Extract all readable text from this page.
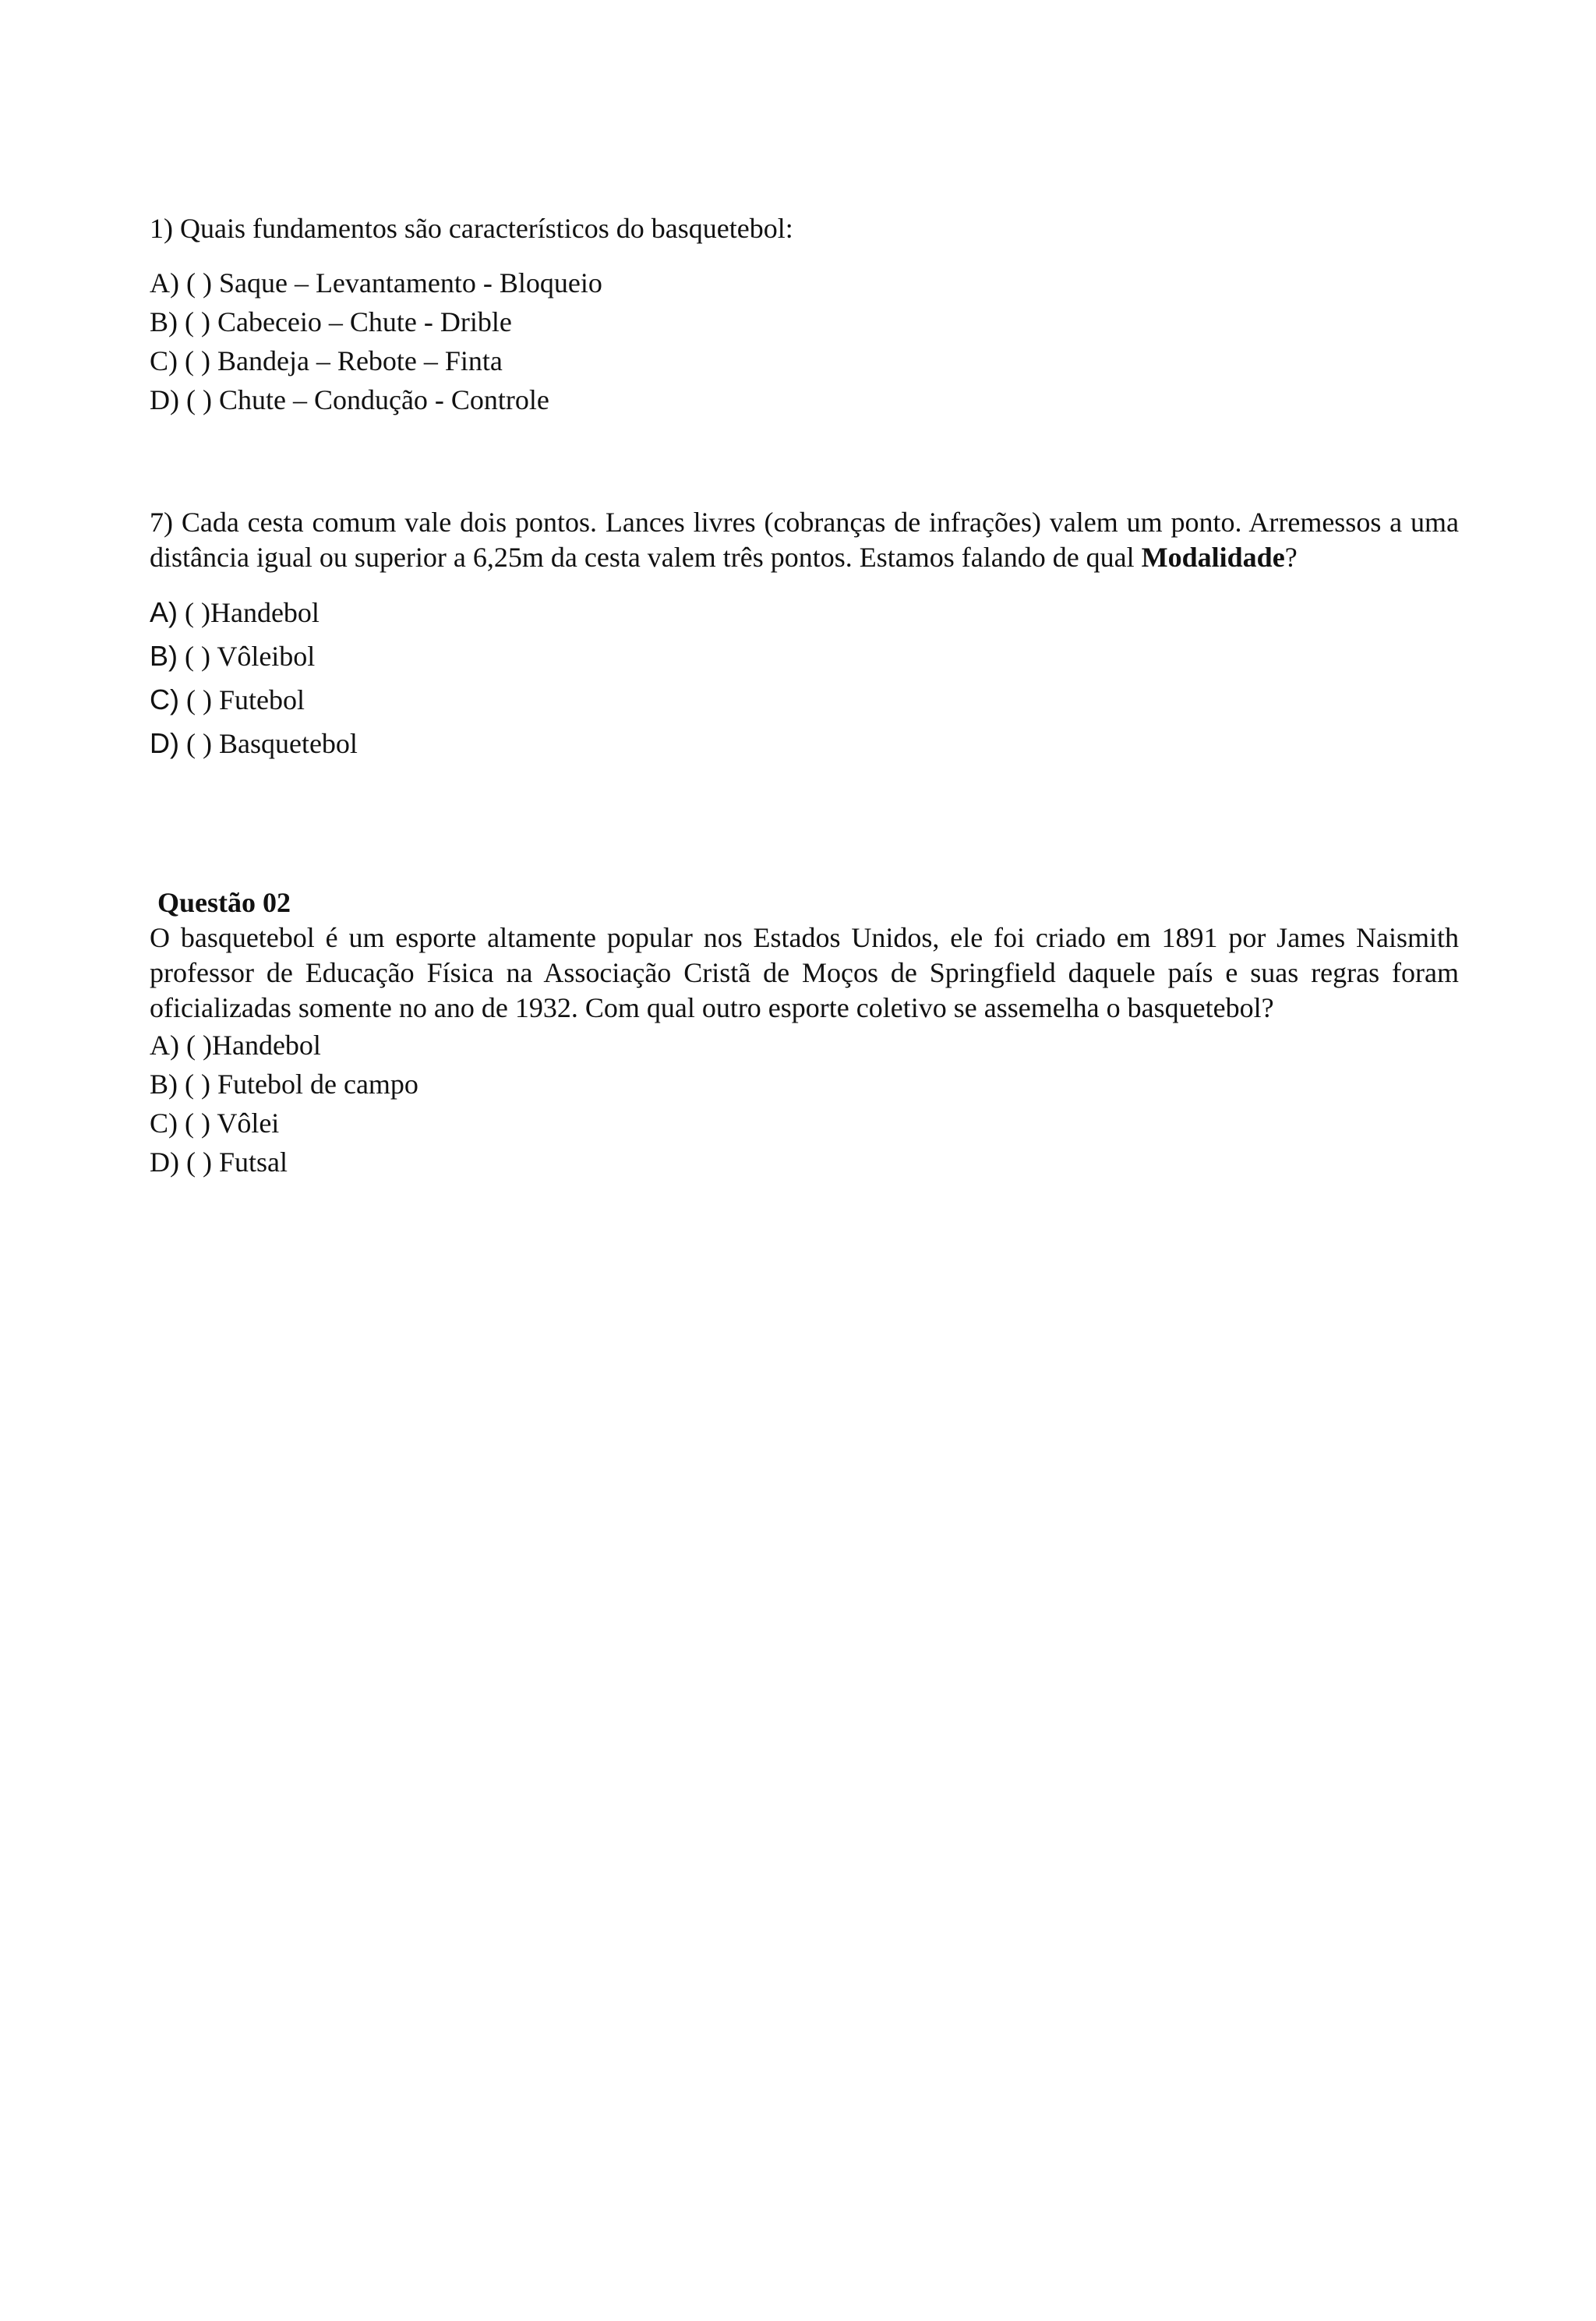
1) Quais fundamentos são característicos do basquetebol:
A) ( ) Saque – Levantamento - Bloqueio
B) ( ) Cabeceio – Chute - Drible
C) ( ) Bandeja – Rebote – Finta
D) ( ) Chute – Condução - Controle
7) Cada cesta comum vale dois pontos. Lances livres (cobranças de infrações) valem um ponto. Arremessos a uma distância igual ou superior a 6,25m da cesta valem três pontos. Estamos falando de qual Modalidade?
A) ( )Handebol
B) ( ) Vôleibol
C) ( ) Futebol
D) ( ) Basquetebol
Questão 02
O basquetebol é um esporte altamente popular nos Estados Unidos, ele foi criado em 1891 por James Naismith professor de Educação Física na Associação Cristã de Moços de Springfield daquele país e suas regras foram oficializadas somente no ano de 1932. Com qual outro esporte coletivo se assemelha o basquetebol?
A) ( )Handebol
B) ( ) Futebol de campo
C) ( ) Vôlei
D) ( ) Futsal
